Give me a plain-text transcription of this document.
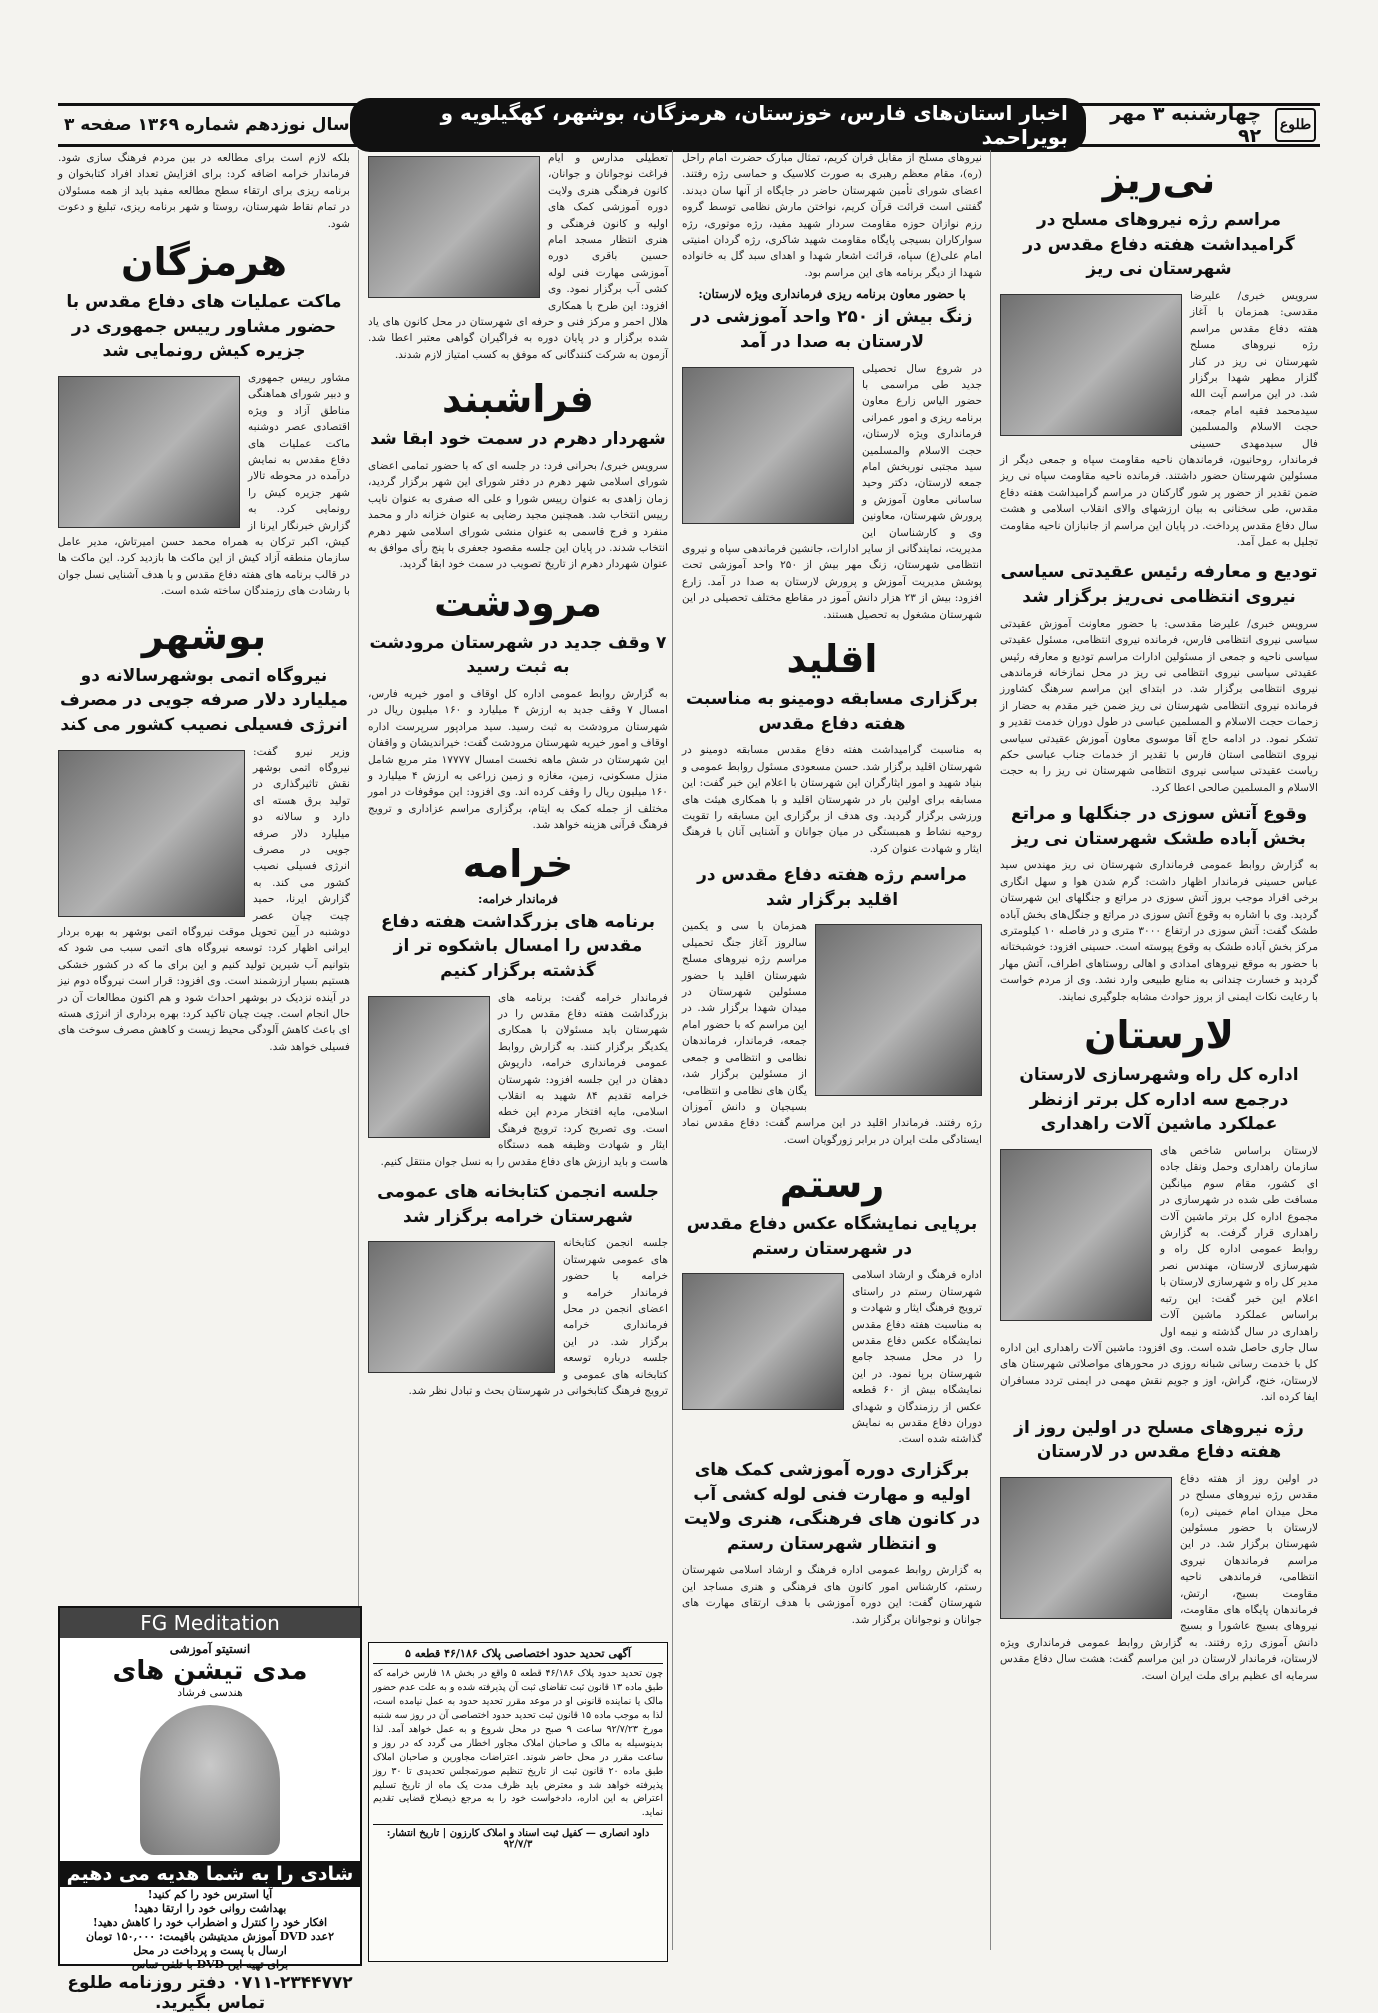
طلوع
چهارشنبه ۳ مهر ۹۲
اخبار استان‌های فارس، خوزستان، هرمزگان، بوشهر، کهگیلویه و بویراحمد
سال نوزدهم شماره ۱۳۶۹ صفحه ۳
نی‌ریز
مراسم رژه نیروهای مسلح در گرامیداشت هفته دفاع مقدس در شهرستان نی ریز

سرویس خبری/ علیرضا مقدسی: همزمان با آغاز هفته دفاع مقدس مراسم رژه نیروهای مسلح شهرستان نی ریز در کنار گلزار مطهر شهدا برگزار شد. در این مراسم آیت الله سیدمحمد فقیه امام جمعه، حجت الاسلام والمسلمین فال سیدمهدی حسینی فرماندار، روحانیون، فرماندهان ناحیه مقاومت سپاه و جمعی دیگر از مسئولین شهرستان حضور داشتند. فرمانده ناحیه مقاومت سپاه نی ریز ضمن تقدیر از حضور پر شور گارکنان در مراسم گرامیداشت هفته دفاع مقدس، طی سخنانی به بیان ارزشهای والای انقلاب اسلامی و هشت سال دفاع مقدس پرداخت. در پایان این مراسم از جانبازان ناحیه مقاومت تجلیل به عمل آمد.

تودیع و معارفه رئیس عقیدتی سیاسی نیروی انتظامی نی‌ریز برگزار شد

سرویس خبری/ علیرضا مقدسی: با حضور معاونت آموزش عقیدتی سیاسی نیروی انتظامی فارس، فرمانده نیروی انتظامی، مسئول عقیدتی سیاسی ناحیه و جمعی از مسئولین ادارات مراسم تودیع و معارفه رئیس عقیدتی سیاسی نیروی انتظامی نی ریز در محل نمازخانه فرماندهی نیروی انتظامی برگزار شد. در ابتدای این مراسم سرهنگ کشاورز فرمانده نیروی انتظامی شهرستان نی ریز ضمن خیر مقدم به حضار از زحمات حجت الاسلام و المسلمین عباسی در طول دوران خدمت تقدیر و تشکر نمود. در ادامه حاج آقا موسوی معاون آموزش عقیدتی سیاسی نیروی انتظامی استان فارس با تقدیر از خدمات جناب عباسی حکم ریاست عقیدتی سیاسی نیروی انتظامی شهرستان نی ریز را به حجت الاسلام و المسلمین صالحی اعطا کرد.

وقوع آتش سوزی در جنگلها و مراتع بخش آباده طشک شهرستان نی ریز

به گزارش روابط عمومی فرمانداری شهرستان نی ریز مهندس سید عباس حسینی فرماندار اظهار داشت: گرم شدن هوا و سهل انگاری برخی افراد موجب بروز آتش سوزی در مراتع و جنگلهای این شهرستان گردید. وی با اشاره به وقوع آتش سوزی در مراتع و جنگل‌های بخش آباده طشک گفت: آتش سوزی در ارتفاع ۳۰۰۰ متری و در فاصله ۱۰ کیلومتری مرکز بخش آباده طشک به وقوع پیوسته است. حسینی افزود: خوشبختانه با حضور به موقع نیروهای امدادی و اهالی روستاهای اطراف، آتش مهار گردید و خسارت چندانی به منابع طبیعی وارد نشد. وی از مردم خواست با رعایت نکات ایمنی از بروز حوادث مشابه جلوگیری نمایند.

لارستان
اداره کل راه وشهرسازی لارستان درجمع سه اداره کل برتر ازنظر عملکرد ماشین آلات راهداری

لارستان براساس شاخص های سازمان راهداری وحمل ونقل جاده ای کشور، مقام سوم میانگین مسافت طی شده در شهرسازی در مجموع اداره کل برتر ماشین آلات راهداری قرار گرفت. به گزارش روابط عمومی اداره کل راه و شهرسازی لارستان، مهندس نصر مدیر کل راه و شهرسازی لارستان با اعلام این خبر گفت: این رتبه براساس عملکرد ماشین آلات راهداری در سال گذشته و نیمه اول سال جاری حاصل شده است. وی افزود: ماشین آلات راهداری این اداره کل با خدمت رسانی شبانه روزی در محورهای مواصلاتی شهرستان های لارستان، خنج، گراش، اوز و جویم نقش مهمی در ایمنی تردد مسافران ایفا کرده اند.

رژه نیروهای مسلح در اولین روز از هفته دفاع مقدس در لارستان

در اولین روز از هفته دفاع مقدس رژه نیروهای مسلح در محل میدان امام خمینی (ره) لارستان با حضور مسئولین شهرستان برگزار شد. در این مراسم فرماندهان نیروی انتظامی، فرماندهی ناحیه مقاومت بسیج، ارتش، فرماندهان پایگاه های مقاومت، نیروهای بسیج عاشورا و بسیج دانش آموزی رژه رفتند. به گزارش روابط عمومی فرمانداری ویژه لارستان، فرماندار لارستان در این مراسم گفت: هشت سال دفاع مقدس سرمایه ای عظیم برای ملت ایران است.

نیروهای مسلح از مقابل قرآن کریم، تمثال مبارک حضرت امام راحل (ره)، مقام معظم رهبری به صورت کلاسیک و حماسی رژه رفتند. اعضای شورای تأمین شهرستان حاضر در جایگاه از آنها سان دیدند. گفتنی است قرائت قرآن کریم، نواختن مارش نظامی توسط گروه رزم نوازان حوزه مقاومت سردار شهید مفید، رژه موتوری، رژه سوارکاران بسیجی پایگاه مقاومت شهید شاکری، رژه گردان امنیتی امام علی(ع) سپاه، قرائت اشعار شهدا و اهدای سبد گل به خانواده شهدا از دیگر برنامه های این مراسم بود.

با حضور معاون برنامه ریزی فرمانداری ویژه لارستان:
زنگ بیش از ۲۵۰ واحد آموزشی در لارستان به صدا در آمد

در شروع سال تحصیلی جدید طی مراسمی با حضور الیاس زارع معاون برنامه ریزی و امور عمرانی فرمانداری ویژه لارستان، حجت الاسلام والمسلمین سید مجتبی نوربخش امام جمعه لارستان، دکتر وحید ساسانی معاون آموزش و پرورش شهرستان، معاونین وی و کارشناسان این مدیریت، نمایندگانی از سایر ادارات، جانشین فرماندهی سپاه و نیروی انتظامی شهرستان، زنگ مهر بیش از ۲۵۰ واحد آموزشی تحت پوشش مدیریت آموزش و پرورش لارستان به صدا در آمد. زارع افزود: بیش از ۲۳ هزار دانش آموز در مقاطع مختلف تحصیلی در این شهرستان مشغول به تحصیل هستند.

اقلید
برگزاری مسابقه دومینو به مناسبت هفته دفاع مقدس

به مناسبت گرامیداشت هفته دفاع مقدس مسابقه دومینو در شهرستان اقلید برگزار شد. حسن مسعودی مسئول روابط عمومی و بنیاد شهید و امور ایثارگران این شهرستان با اعلام این خبر گفت: این مسابقه برای اولین بار در شهرستان اقلید و با همکاری هیئت های ورزشی برگزار گردید. وی هدف از برگزاری این مسابقه را تقویت روحیه نشاط و همبستگی در میان جوانان و آشنایی آنان با فرهنگ ایثار و شهادت عنوان کرد.

مراسم رژه هفته دفاع مقدس در اقلید برگزار شد

همزمان با سی و یکمین سالروز آغاز جنگ تحمیلی مراسم رژه نیروهای مسلح شهرستان اقلید با حضور مسئولین شهرستان در میدان شهدا برگزار شد. در این مراسم که با حضور امام جمعه، فرماندار، فرماندهان نظامی و انتظامی و جمعی از مسئولین برگزار شد، یگان های نظامی و انتظامی، بسیجیان و دانش آموزان رژه رفتند. فرماندار اقلید در این مراسم گفت: دفاع مقدس نماد ایستادگی ملت ایران در برابر زورگویان است.

رستم
برپایی نمایشگاه عکس دفاع مقدس در شهرستان رستم

اداره فرهنگ و ارشاد اسلامی شهرستان رستم در راستای ترویج فرهنگ ایثار و شهادت و به مناسبت هفته دفاع مقدس نمایشگاه عکس دفاع مقدس را در محل مسجد جامع شهرستان برپا نمود. در این نمایشگاه بیش از ۶۰ قطعه عکس از رزمندگان و شهدای دوران دفاع مقدس به نمایش گذاشته شده است.

برگزاری دوره آموزشی کمک های اولیه و مهارت فنی لوله کشی آب در کانون های فرهنگی، هنری ولایت و انتظار شهرستان رستم

به گزارش روابط عمومی اداره فرهنگ و ارشاد اسلامی شهرستان رستم، کارشناس امور کانون های فرهنگی و هنری مساجد این شهرستان گفت: این دوره آموزشی با هدف ارتقای مهارت های جوانان و نوجوانان برگزار شد.

تعطیلی مدارس و ایام فراغت نوجوانان و جوانان، کانون فرهنگی هنری ولایت دوره آموزشی کمک های اولیه و کانون فرهنگی و هنری انتظار مسجد امام حسین باقری دوره آموزشی مهارت فنی لوله کشی آب برگزار نمود. وی افزود: این طرح با همکاری هلال احمر و مرکز فنی و حرفه ای شهرستان در محل کانون های یاد شده برگزار و در پایان دوره به فراگیران گواهی معتبر اعطا شد. آزمون به شرکت کنندگانی که موفق به کسب امتیاز لازم شدند.

فراشبند
شهردار دهرم در سمت خود ابقا شد

سرویس خبری/ بحرانی فرد: در جلسه ای که با حضور تمامی اعضای شورای اسلامی شهر دهرم در دفتر شورای این شهر برگزار گردید، زمان زاهدی به عنوان رییس شورا و علی اله صفری به عنوان نایب رییس انتخاب شد. همچنین مجید رضایی به عنوان خزانه دار و محمد منفرد و فرج قاسمی به عنوان منشی شورای اسلامی شهر دهرم انتخاب شدند. در پایان این جلسه مقصود جعفری با پنج رأی موافق به عنوان شهردار دهرم از تاریخ تصویب در سمت خود ابقا گردید.

مرودشت
۷ وقف جدید در شهرستان مرودشت به ثبت رسید

به گزارش روابط عمومی اداره کل اوقاف و امور خیریه فارس، امسال ۷ وقف جدید به ارزش ۴ میلیارد و ۱۶۰ میلیون ریال در شهرستان مرودشت به ثبت رسید. سید مرادپور سرپرست اداره اوقاف و امور خیریه شهرستان مرودشت گفت: خیراندیشان و واقفان این شهرستان در شش ماهه نخست امسال ۱۷۷۷۷ متر مربع شامل منزل مسکونی، زمین، مغازه و زمین زراعی به ارزش ۴ میلیارد و ۱۶۰ میلیون ریال را وقف کرده اند. وی افزود: این موقوفات در امور مختلف از جمله کمک به ایتام، برگزاری مراسم عزاداری و ترویج فرهنگ قرآنی هزینه خواهد شد.

خرامه
فرماندار خرامه:
برنامه های بزرگداشت هفته دفاع مقدس را امسال باشکوه تر از گذشته برگزار کنیم

فرماندار خرامه گفت: برنامه های بزرگداشت هفته دفاع مقدس را در شهرستان باید مسئولان با همکاری یکدیگر برگزار کنند. به گزارش روابط عمومی فرمانداری خرامه، داریوش دهقان در این جلسه افزود: شهرستان خرامه تقدیم ۸۴ شهید به انقلاب اسلامی، مایه افتخار مردم این خطه است. وی تصریح کرد: ترویج فرهنگ ایثار و شهادت وظیفه همه دستگاه هاست و باید ارزش های دفاع مقدس را به نسل جوان منتقل کنیم.

جلسه انجمن کتابخانه های عمومی شهرستان خرامه برگزار شد

جلسه انجمن کتابخانه های عمومی شهرستان خرامه با حضور فرماندار خرامه و اعضای انجمن در محل فرمانداری خرامه برگزار شد. در این جلسه درباره توسعه کتابخانه های عمومی و ترویج فرهنگ کتابخوانی در شهرستان بحث و تبادل نظر شد.

بلکه لازم است برای مطالعه در بین مردم فرهنگ سازی شود. فرماندار خرامه اضافه کرد: برای افزایش تعداد افراد کتابخوان و برنامه ریزی برای ارتقاء سطح مطالعه مفید باید از همه مسئولان در تمام نقاط شهرستان، روستا و شهر برنامه ریزی، تبلیغ و دعوت شود.

هرمزگان
ماکت عملیات های دفاع مقدس با حضور مشاور رییس جمهوری در جزیره کیش رونمایی شد

مشاور رییس جمهوری و دبیر شورای هماهنگی مناطق آزاد و ویژه اقتصادی عصر دوشنبه ماکت عملیات های دفاع مقدس به نمایش درآمده در محوطه تالار شهر جزیره کیش را رونمایی کرد. به گزارش خبرنگار ایرنا از کیش، اکبر ترکان به همراه محمد حسن امیرتاش، مدیر عامل سازمان منطقه آزاد کیش از این ماکت ها بازدید کرد. این ماکت ها در قالب برنامه های هفته دفاع مقدس و با هدف آشنایی نسل جوان با رشادت های رزمندگان ساخته شده است.

بوشهر
نیروگاه اتمی بوشهرسالانه دو میلیارد دلار صرفه جویی در مصرف انرژی فسیلی نصیب کشور می کند

وزیر نیرو گفت: نیروگاه اتمی بوشهر نقش تاثیرگذاری در تولید برق هسته ای دارد و سالانه دو میلیارد دلار صرفه جویی در مصرف انرژی فسیلی نصیب کشور می کند. به گزارش ایرنا، حمید چیت چیان عصر دوشنبه در آیین تحویل موقت نیروگاه اتمی بوشهر به بهره بردار ایرانی اظهار کرد: توسعه نیروگاه های اتمی سبب می شود که بتوانیم آب شیرین تولید کنیم و این برای ما که در کشور خشکی هستیم بسیار ارزشمند است. وی افزود: قرار است نیروگاه دوم نیز در آینده نزدیک در بوشهر احداث شود و هم اکنون مطالعات آن در حال انجام است. چیت چیان تاکید کرد: بهره برداری از انرژی هسته ای باعث کاهش آلودگی محیط زیست و کاهش مصرف سوخت های فسیلی خواهد شد.

FG Meditation
انستیتو آموزشی
مدی تیشن های
هندسی فرشاد
شادی را به شما هدیه می دهیم
آیا استرس خود را کم کنید!
بهداشت روانی خود را ارتقا دهید!
افکار خود را کنترل و اضطراب خود را کاهش دهید!
۲عدد DVD آموزش مدیتیشن باقیمت: ۱۵۰,۰۰۰ تومان
ارسال با پست و پرداخت در محل
برای تهیه این DVD با تلفن تماس
۰۷۱۱-۲۳۴۴۷۷۲ دفتر روزنامه طلوع تماس بگیرید.
آگهی تحدید حدود اختصاصی پلاک ۴۶/۱۸۶ قطعه ۵
چون تحدید حدود پلاک ۴۶/۱۸۶ قطعه ۵ واقع در بخش ۱۸ فارس خرامه که طبق ماده ۱۳ قانون ثبت تقاضای ثبت آن پذیرفته شده و به علت عدم حضور مالک یا نماینده قانونی او در موعد مقرر تحدید حدود به عمل نیامده است، لذا به موجب ماده ۱۵ قانون ثبت تحدید حدود اختصاصی آن در روز سه شنبه مورخ ۹۲/۷/۲۳ ساعت ۹ صبح در محل شروع و به عمل خواهد آمد. لذا بدینوسیله به مالک و صاحبان املاک مجاور اخطار می گردد که در روز و ساعت مقرر در محل حاضر شوند. اعتراضات مجاورین و صاحبان املاک طبق ماده ۲۰ قانون ثبت از تاریخ تنظیم صورتمجلس تحدیدی تا ۳۰ روز پذیرفته خواهد شد و معترض باید ظرف مدت یک ماه از تاریخ تسلیم اعتراض به این اداره، دادخواست خود را به مرجع ذیصلاح قضایی تقدیم نماید.
داود انصاری — کفیل ثبت اسناد و املاک کارزون | تاریخ انتشار: ۹۲/۷/۳
